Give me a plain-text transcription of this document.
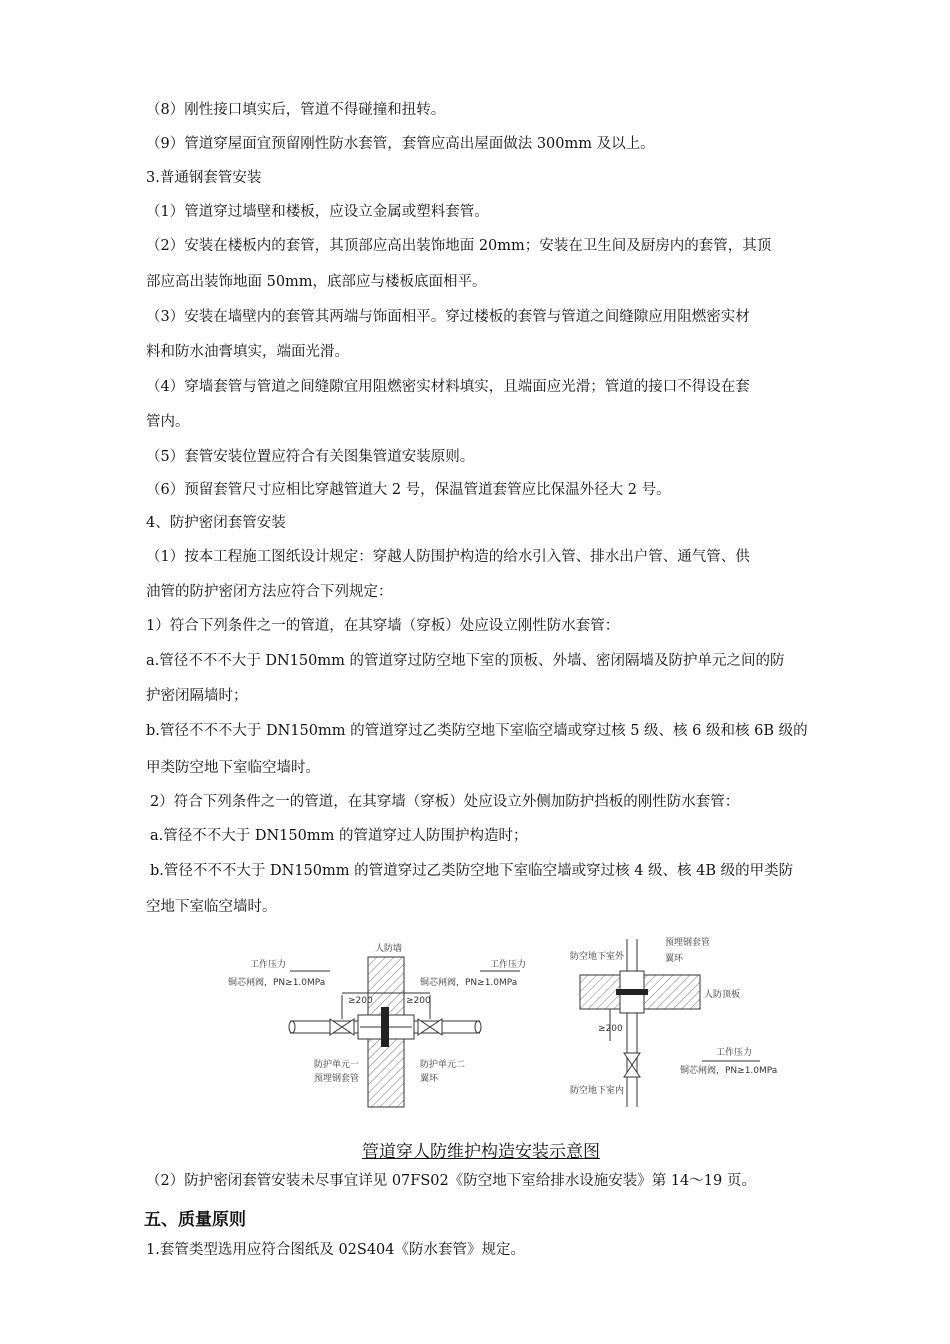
（8）刚性接口填实后，管道不得碰撞和扭转。
（9）管道穿屋面宜预留刚性防水套管，套管应高出屋面做法 300mm 及以上。
3.普通钢套管安装
（1）管道穿过墙壁和楼板，应设立金属或塑料套管。
（2）安装在楼板内的套管，其顶部应高出装饰地面 20mm；安装在卫生间及厨房内的套管，其顶
部应高出装饰地面 50mm，底部应与楼板底面相平。
（3）安装在墙壁内的套管其两端与饰面相平。穿过楼板的套管与管道之间缝隙应用阻燃密实材
料和防水油膏填实，端面光滑。
（4）穿墙套管与管道之间缝隙宜用阻燃密实材料填实，且端面应光滑；管道的接口不得设在套
管内。
（5）套管安装位置应符合有关图集管道安装原则。
（6）预留套管尺寸应相比穿越管道大 2 号，保温管道套管应比保温外径大 2 号。
4、防护密闭套管安装
（1）按本工程施工图纸设计规定：穿越人防围护构造的给水引入管、排水出户管、通气管、供
油管的防护密闭方法应符合下列规定：
1）符合下列条件之一的管道，在其穿墙（穿板）处应设立刚性防水套管：
a.管径不不不大于 DN150mm 的管道穿过防空地下室的顶板、外墙、密闭隔墙及防护单元之间的防
护密闭隔墙时；
b.管径不不不大于 DN150mm 的管道穿过乙类防空地下室临空墙或穿过核 5 级、核 6 级和核 6B 级的
甲类防空地下室临空墙时。
2）符合下列条件之一的管道，在其穿墙（穿板）处应设立外侧加防护挡板的刚性防水套管：
a.管径不不大于 DN150mm 的管道穿过人防围护构造时；
b.管径不不不大于 DN150mm 的管道穿过乙类防空地下室临空墙或穿过核 4 级、核 4B 级的甲类防
空地下室临空墙时。
人防墙
工作压力
铜芯闸阀，PN≥1.0MPa
工作压力
铜芯闸阀，PN≥1.0MPa
≥200	≥200
防护单元一
预埋钢套管
防护单元二
翼环
防空地下室外
预埋钢套管
翼环
人防顶板
≥200
工作压力
铜芯闸阀，PN≥1.0MPa
防空地下室内
管道穿人防维护构造安装示意图
（2）防护密闭套管安装未尽事宜详见 07FS02《防空地下室给排水设施安装》第 14～19 页。
五、质量原则
1.套管类型选用应符合图纸及 02S404《防水套管》规定。
